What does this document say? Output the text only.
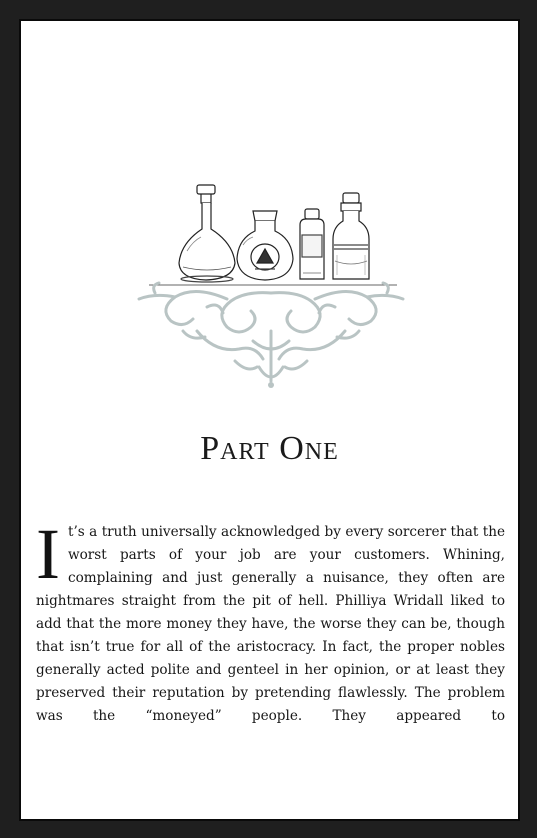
Part One
It’s a truth universally acknowledged by every sorcerer that the worst parts of your job are your customers. Whining, complaining and just generally a nuisance, they often are nightmares straight from the pit of hell. Philliya Wridall liked to add that the more money they have, the worse they can be, though that isn’t true for all of the aristocracy. In fact, the proper nobles generally acted polite and genteel in her opinion, or at least they preserved their reputation by pretending flawlessly. The problem was the “moneyed” people. They appeared to
